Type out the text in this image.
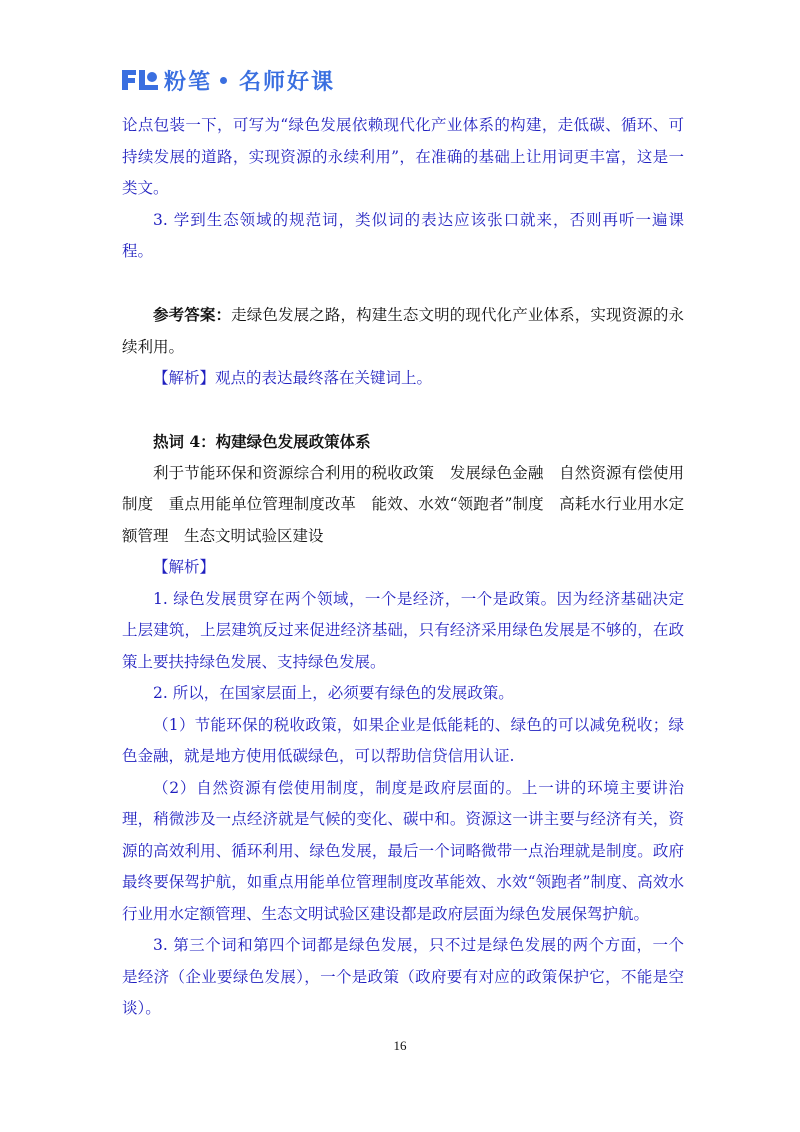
粉笔 名师好课

论点包装一下，可写为“绿色发展依赖现代化产业体系的构建，走低碳、循环、可持续发展的道路，实现资源的永续利用”，在准确的基础上让用词更丰富，这是一类文。

3. 学到生态领域的规范词，类似词的表达应该张口就来，否则再听一遍课程。

参考答案：走绿色发展之路，构建生态文明的现代化产业体系，实现资源的永续利用。

【解析】观点的表达最终落在关键词上。

热词 4：构建绿色发展政策体系

利于节能环保和资源综合利用的税收政策　发展绿色金融　自然资源有偿使用制度　重点用能单位管理制度改革　能效、水效“领跑者”制度　高耗水行业用水定额管理　生态文明试验区建设

【解析】

1. 绿色发展贯穿在两个领域，一个是经济，一个是政策。因为经济基础决定上层建筑，上层建筑反过来促进经济基础，只有经济采用绿色发展是不够的，在政策上要扶持绿色发展、支持绿色发展。

2. 所以，在国家层面上，必须要有绿色的发展政策。

（1）节能环保的税收政策，如果企业是低能耗的、绿色的可以减免税收；绿色金融，就是地方使用低碳绿色，可以帮助信贷信用认证.

（2）自然资源有偿使用制度，制度是政府层面的。上一讲的环境主要讲治理，稍微涉及一点经济就是气候的变化、碳中和。资源这一讲主要与经济有关，资源的高效利用、循环利用、绿色发展，最后一个词略微带一点治理就是制度。政府最终要保驾护航，如重点用能单位管理制度改革能效、水效“领跑者”制度、高效水行业用水定额管理、生态文明试验区建设都是政府层面为绿色发展保驾护航。

3. 第三个词和第四个词都是绿色发展，只不过是绿色发展的两个方面，一个是经济（企业要绿色发展），一个是政策（政府要有对应的政策保护它，不能是空谈）。

16
